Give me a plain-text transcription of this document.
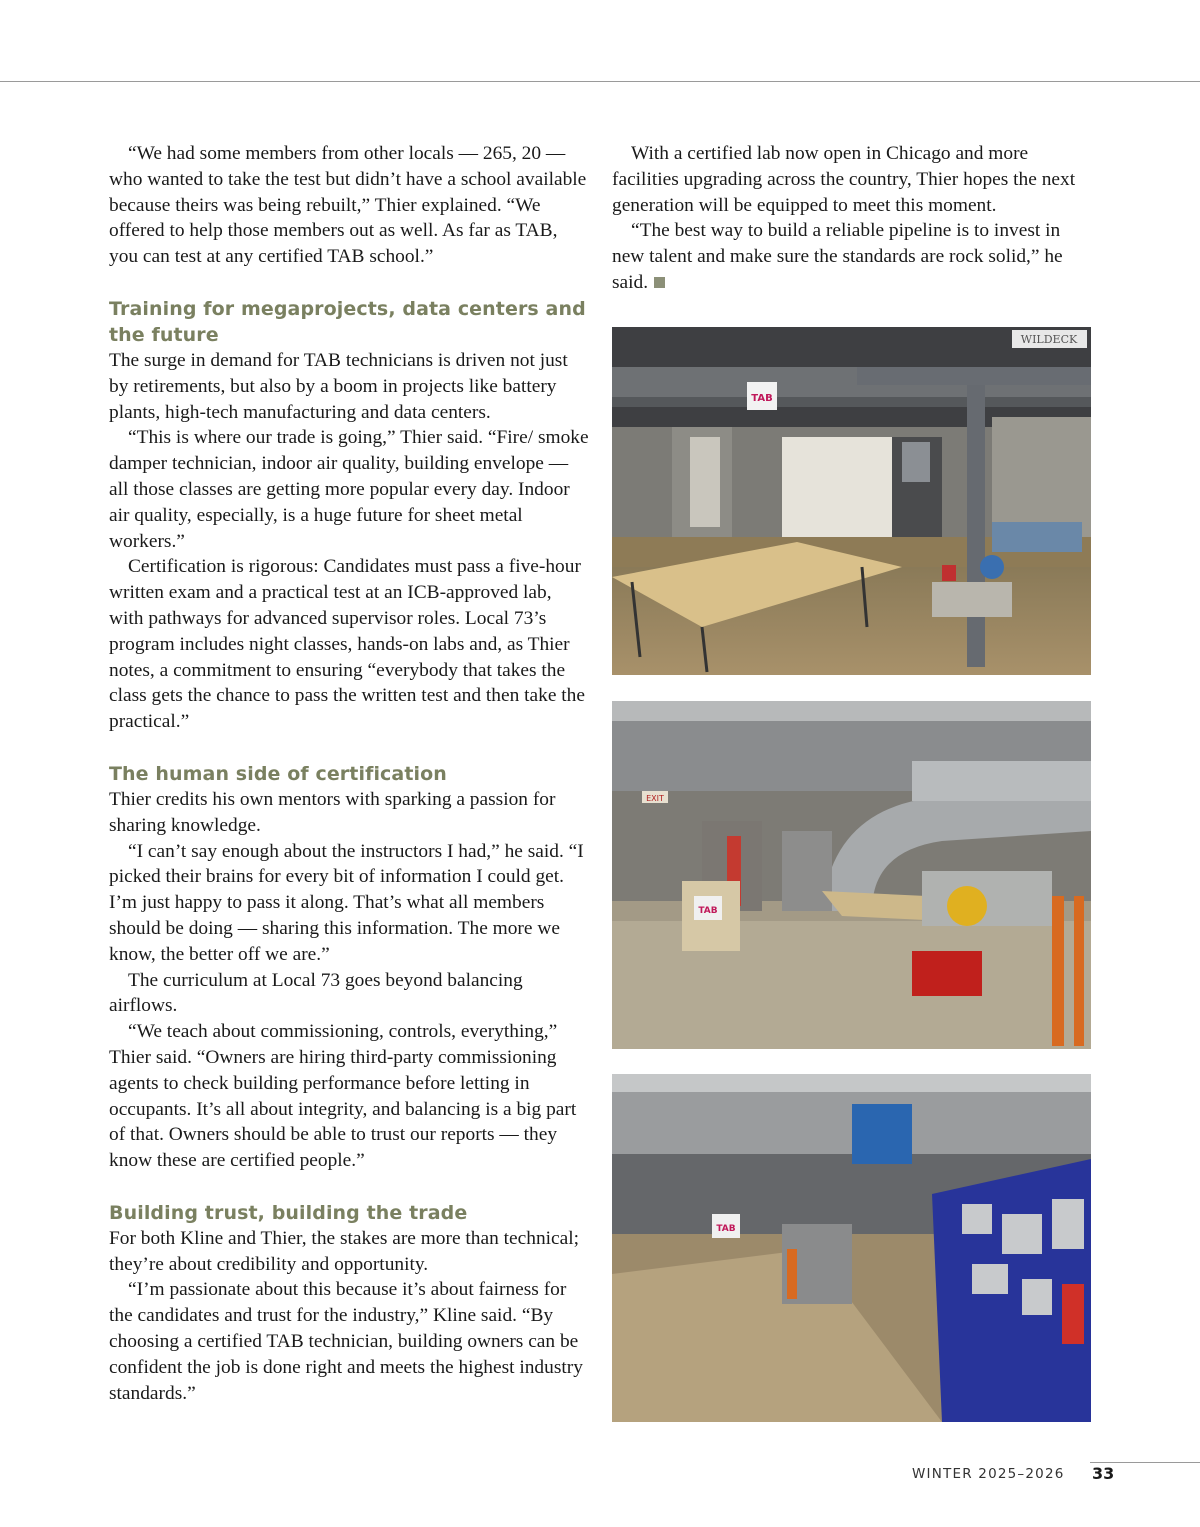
“We had some members from other locals — 265, 20 — who wanted to take the test but didn’t have a school available because theirs was being rebuilt,” Thier explained. “We offered to help those members out as well. As far as TAB, you can test at any certified TAB school.”

Training for megaprojects, data centers and the future

The surge in demand for TAB technicians is driven not just by retirements, but also by a boom in projects like battery plants, high-tech manufacturing and data centers.

“This is where our trade is going,” Thier said. “Fire/ smoke damper technician, indoor air quality, building envelope — all those classes are getting more popular every day. Indoor air quality, especially, is a huge future for sheet metal workers.”

Certification is rigorous: Candidates must pass a five-hour written exam and a practical test at an ICB-approved lab, with pathways for advanced supervisor roles. Local 73’s program includes night classes, hands-on labs and, as Thier notes, a commitment to ensuring “everybody that takes the class gets the chance to pass the written test and then take the practical.”

The human side of certification

Thier credits his own mentors with sparking a passion for sharing knowledge.

“I can’t say enough about the instructors I had,” he said. “I picked their brains for every bit of information I could get. I’m just happy to pass it along. That’s what all members should be doing — sharing this information. The more we know, the better off we are.”

The curriculum at Local 73 goes beyond balancing airflows.

“We teach about commissioning, controls, everything,” Thier said. “Owners are hiring third-party commissioning agents to check building performance before letting in occupants. It’s all about integrity, and balancing is a big part of that. Owners should be able to trust our reports — they know these are certified people.”

Building trust, building the trade

For both Kline and Thier, the stakes are more than technical; they’re about credibility and opportunity.

“I’m passionate about this because it’s about fairness for the candidates and trust for the industry,” Kline said. “By choosing a certified TAB technician, building owners can be confident the job is done right and meets the highest industry standards.”

With a certified lab now open in Chicago and more facilities upgrading across the country, Thier hopes the next generation will be equipped to meet this moment.

“The best way to build a reliable pipeline is to invest in new talent and make sure the standards are rock solid,” he said.

TAB
WILDECK
TAB
EXIT
TAB
WINTER 2025–2026 33
